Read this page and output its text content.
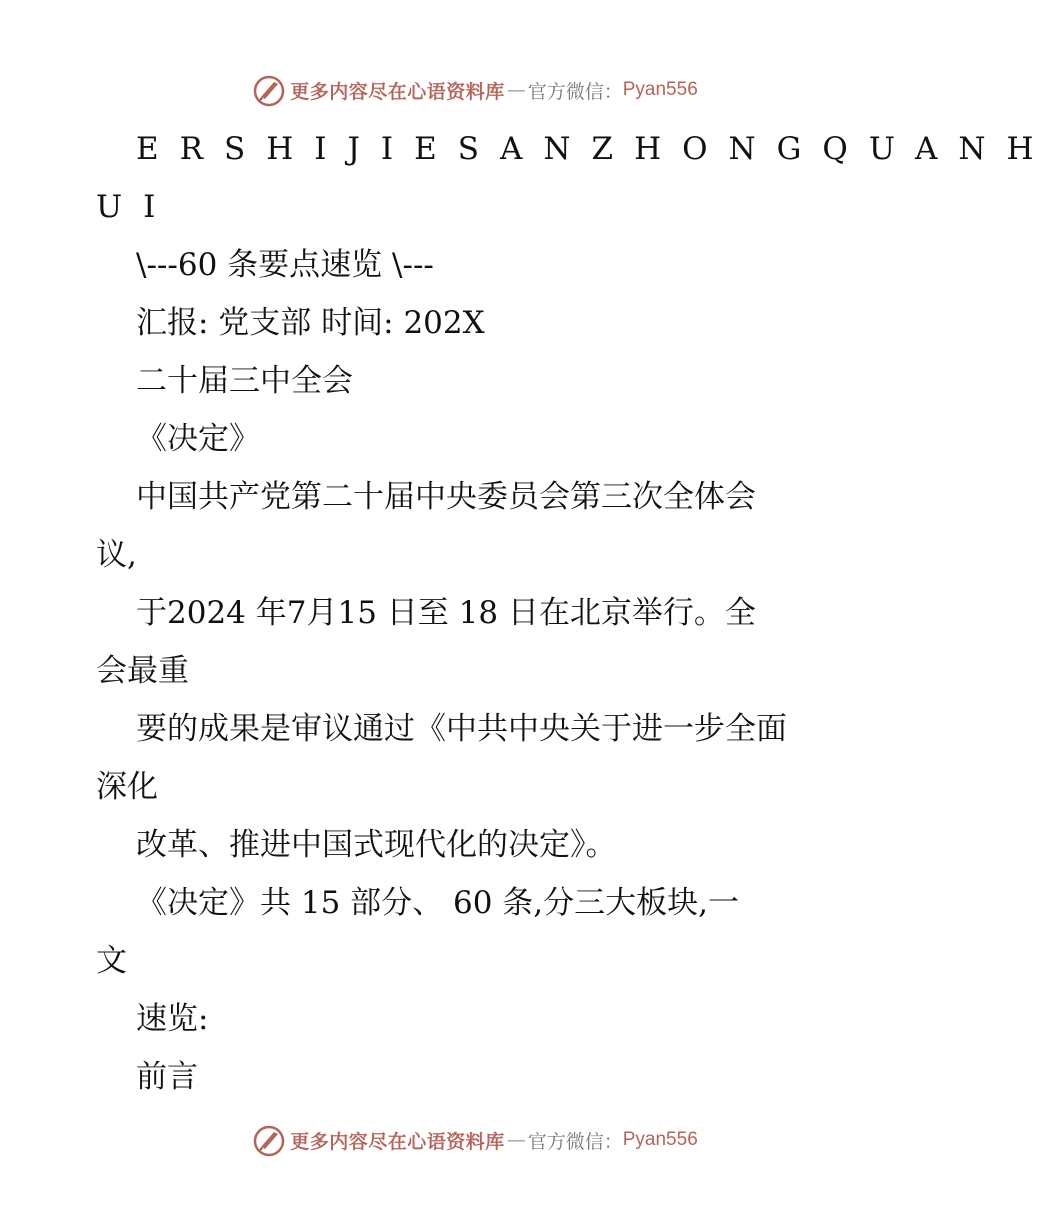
更多内容尽在心语资料库 — 官方微信： Pyan556
ERSHIJIESANZHONGQUANH
UI
\---60 条要点速览 \---
汇报: 党支部 时间: 202X
二十届三中全会
《决定》
中国共产党第二十届中央委员会第三次全体会
议,
于2024 年7月15 日至 18 日在北京举行。全
会最重
要的成果是审议通过《中共中央关于进一步全面
深化
改革、推进中国式现代化的决定》。
《决定》共 15 部分、 60 条,分三大板块,一
文
速览:
前言
更多内容尽在心语资料库 — 官方微信： Pyan556
